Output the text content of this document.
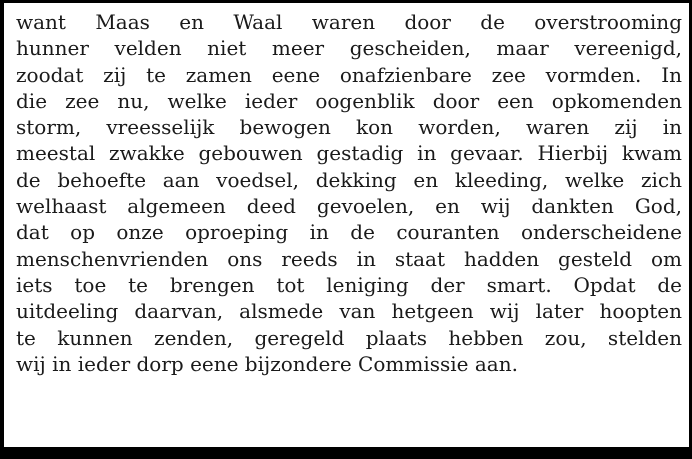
want Maas en Waal waren door de overstrooming
hunner velden niet meer gescheiden, maar vereenigd,
zoodat zij te zamen eene onafzienbare zee vormden. In
die zee nu, welke ieder oogenblik door een opkomenden
storm, vreesselijk bewogen kon worden, waren zij in
meestal zwakke gebouwen gestadig in gevaar. Hierbij kwam
de behoefte aan voedsel, dekking en kleeding, welke zich
welhaast algemeen deed gevoelen, en wij dankten God,
dat op onze oproeping in de couranten onderscheidene
menschenvrienden ons reeds in staat hadden gesteld om
iets toe te brengen tot leniging der smart. Opdat de
uitdeeling daarvan, alsmede van hetgeen wij later hoopten
te kunnen zenden, geregeld plaats hebben zou, stelden
wij in ieder dorp eene bijzondere Commissie aan.
